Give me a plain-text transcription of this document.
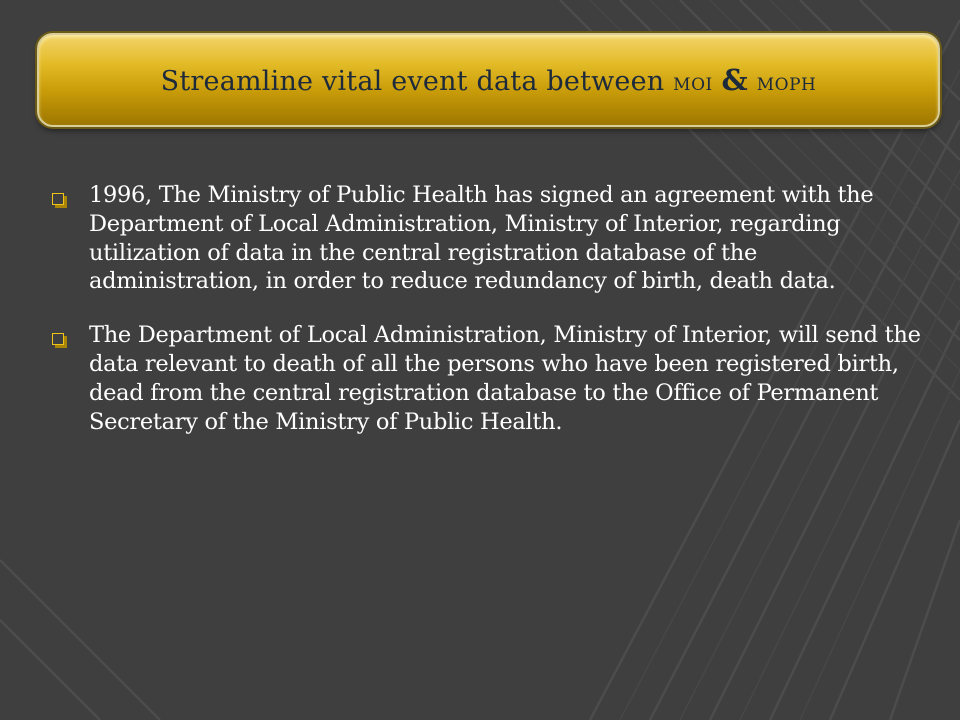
Streamline vital event data between MOI & MOPH
1996, The Ministry of Public Health has signed an agreement with the Department of Local Administration, Ministry of Interior, regarding utilization of data in the central registration database of the administration, in order to reduce redundancy of birth, death data.
The Department of Local Administration, Ministry of Interior, will send the data relevant to death of all the persons who have been registered birth, dead from the central registration database to the Office of Permanent Secretary of the Ministry of Public Health.
